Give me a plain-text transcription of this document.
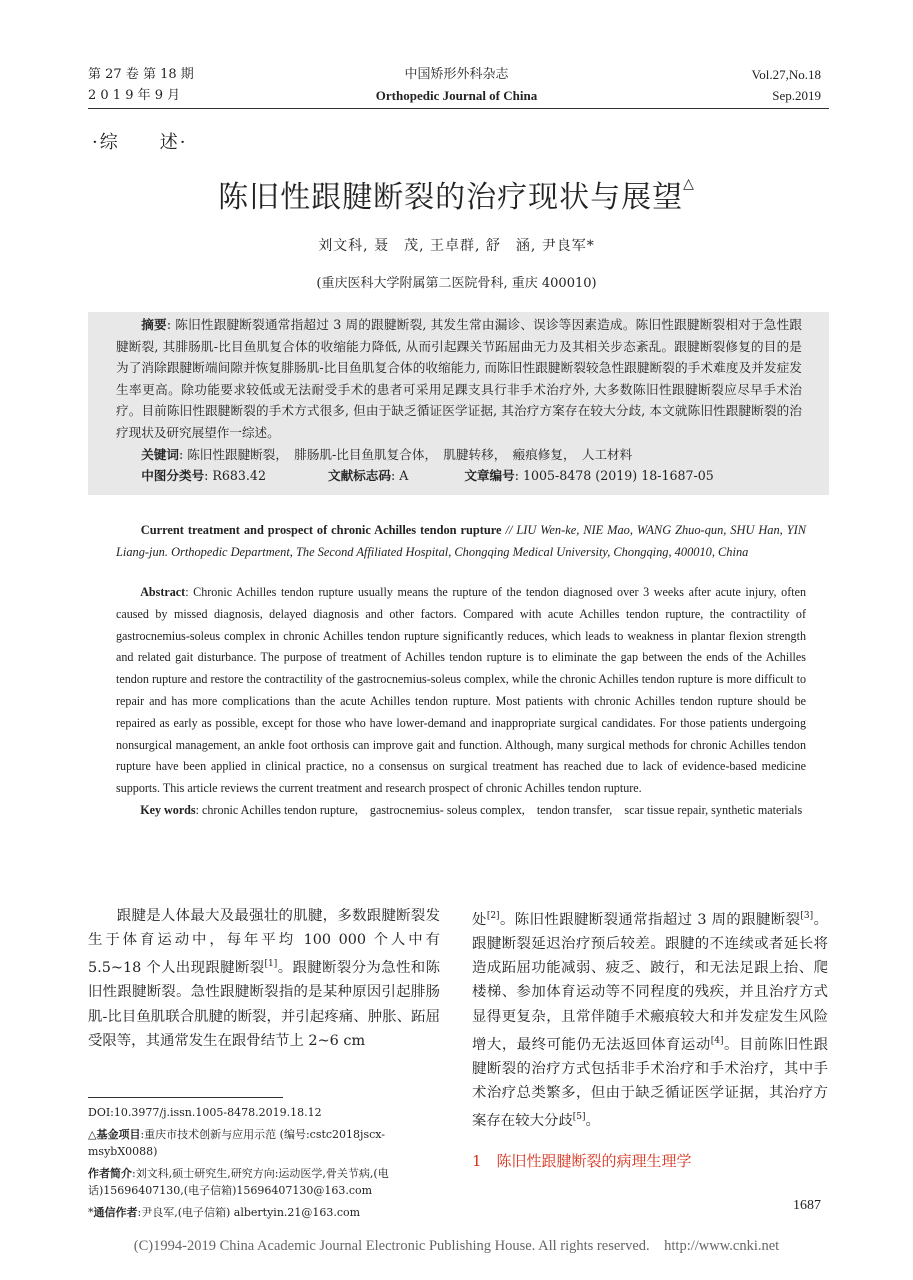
第 27 卷 第 18 期
2 0 1 9 年 9 月
中国矫形外科杂志
Orthopedic Journal of China
Vol.27,No.18
Sep.2019
·综　　述·
陈旧性跟腱断裂的治疗现状与展望△
刘文科, 聂　茂, 王卓群, 舒　涵, 尹良军*
(重庆医科大学附属第二医院骨科, 重庆 400010)

摘要: 陈旧性跟腱断裂通常指超过 3 周的跟腱断裂, 其发生常由漏诊、误诊等因素造成。陈旧性跟腱断裂相对于急性跟腱断裂, 其腓肠肌-比目鱼肌复合体的收缩能力降低, 从而引起踝关节跖屈曲无力及其相关步态紊乱。跟腱断裂修复的目的是为了消除跟腱断端间隙并恢复腓肠肌-比目鱼肌复合体的收缩能力, 而陈旧性跟腱断裂较急性跟腱断裂的手术难度及并发症发生率更高。除功能要求较低或无法耐受手术的患者可采用足踝支具行非手术治疗外, 大多数陈旧性跟腱断裂应尽早手术治疗。目前陈旧性跟腱断裂的手术方式很多, 但由于缺乏循证医学证据, 其治疗方案存在较大分歧, 本文就陈旧性跟腱断裂的治疗现状及研究展望作一综述。

关键词: 陈旧性跟腱断裂，　腓肠肌-比目鱼肌复合体，　肌腱转移，　瘢痕修复，　人工材料

中图分类号: R683.42	文献标志码: A	文章编号: 1005-8478 (2019) 18-1687-05

Current treatment and prospect of chronic Achilles tendon rupture // LIU Wen-ke, NIE Mao, WANG Zhuo-qun, SHU Han, YIN Liang-jun. Orthopedic Department, The Second Affiliated Hospital, Chongqing Medical University, Chongqing, 400010, China

Abstract: Chronic Achilles tendon rupture usually means the rupture of the tendon diagnosed over 3 weeks after acute injury, often caused by missed diagnosis, delayed diagnosis and other factors. Compared with acute Achilles tendon rupture, the contractility of gastrocnemius-soleus complex in chronic Achilles tendon rupture significantly reduces, which leads to weakness in plantar flexion strength and related gait disturbance. The purpose of treatment of Achilles tendon rupture is to eliminate the gap between the ends of the Achilles tendon rupture and restore the contractility of the gastrocnemius-soleus complex, while the chronic Achilles tendon rupture is more difficult to repair and has more complications than the acute Achilles tendon rupture. Most patients with chronic Achilles tendon rupture should be repaired as early as possible, except for those who have lower-demand and inappropriate surgical candidates. For those patients undergoing nonsurgical management, an ankle foot orthosis can improve gait and function. Although, many surgical methods for chronic Achilles tendon rupture have been applied in clinical practice, no a consensus on surgical treatment has reached due to lack of evidence-based medicine supports. This article reviews the current treatment and research prospect of chronic Achilles tendon rupture.

Key words: chronic Achilles tendon rupture,　gastrocnemius- soleus complex,　tendon transfer,　scar tissue repair, synthetic materials

跟腱是人体最大及最强壮的肌腱，多数跟腱断裂发生于体育运动中，每年平均 100 000 个人中有 5.5~18 个人出现跟腱断裂[1]。跟腱断裂分为急性和陈旧性跟腱断裂。急性跟腱断裂指的是某种原因引起腓肠肌-比目鱼肌联合肌腱的断裂，并引起疼痛、肿胀、跖屈受限等，其通常发生在跟骨结节上 2~6 cm

处[2]。陈旧性跟腱断裂通常指超过 3 周的跟腱断裂[3]。跟腱断裂延迟治疗预后较差。跟腱的不连续或者延长将造成跖屈功能减弱、疲乏、跛行，和无法足跟上抬、爬楼梯、参加体育运动等不同程度的残疾，并且治疗方式显得更复杂，且常伴随手术瘢痕较大和并发症发生风险增大，最终可能仍无法返回体育运动[4]。目前陈旧性跟腱断裂的治疗方式包括非手术治疗和手术治疗，其中手术治疗总类繁多，但由于缺乏循证医学证据，其治疗方案存在较大分歧[5]。

1　陈旧性跟腱断裂的病理生理学

DOI:10.3977/j.issn.1005-8478.2019.18.12

△基金项目:重庆市技术创新与应用示范 (编号:cstc2018jscx-msybX0088)

作者简介:刘文科,硕士研究生,研究方向:运动医学,骨关节病,(电话)15696407130,(电子信箱)15696407130@163.com

*通信作者:尹良军,(电子信箱) albertyin.21@163.com	1687
(C)1994-2019 China Academic Journal Electronic Publishing House. All rights reserved.    http://www.cnki.net
